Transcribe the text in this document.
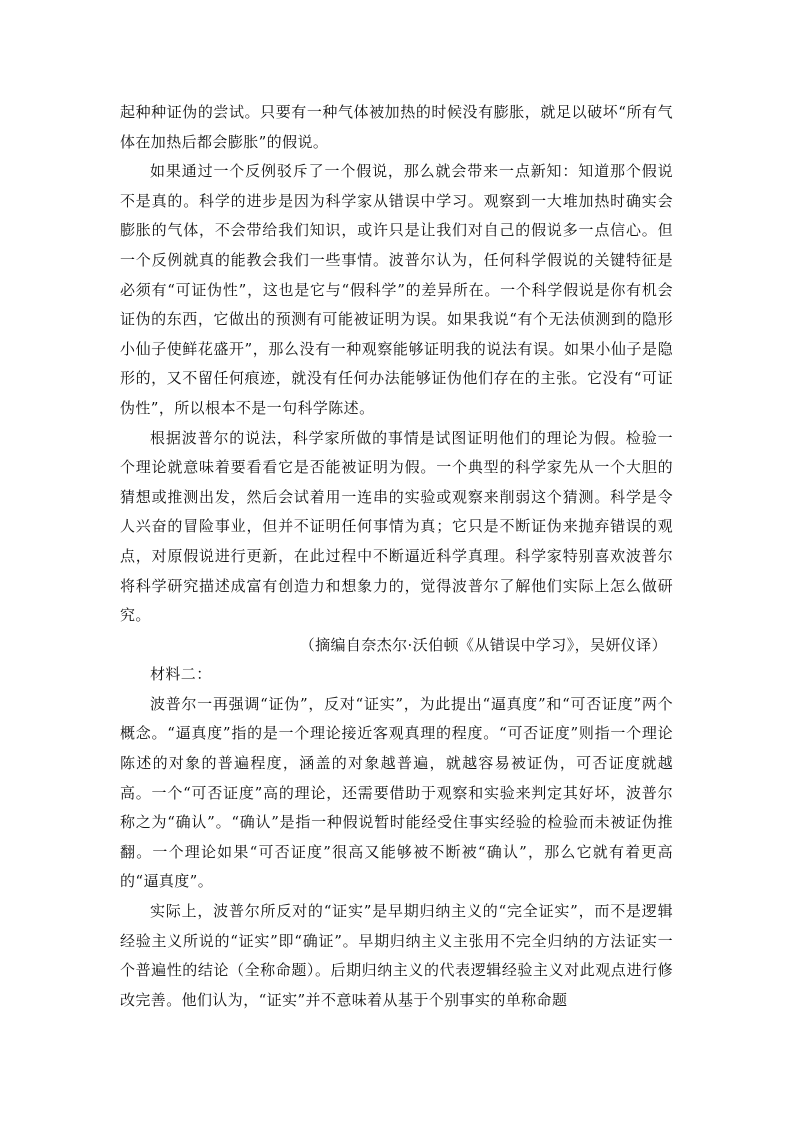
起种种证伪的尝试。只要有一种气体被加热的时候没有膨胀，就足以破坏“所有气体在加热后都会膨胀”的假说。

如果通过一个反例驳斥了一个假说，那么就会带来一点新知：知道那个假说不是真的。科学的进步是因为科学家从错误中学习。观察到一大堆加热时确实会膨胀的气体，不会带给我们知识，或许只是让我们对自己的假说多一点信心。但一个反例就真的能教会我们一些事情。波普尔认为，任何科学假说的关键特征是必须有“可证伪性”，这也是它与“假科学”的差异所在。一个科学假说是你有机会证伪的东西，它做出的预测有可能被证明为误。如果我说“有个无法侦测到的隐形小仙子使鲜花盛开”，那么没有一种观察能够证明我的说法有误。如果小仙子是隐形的，又不留任何痕迹，就没有任何办法能够证伪他们存在的主张。它没有“可证伪性”，所以根本不是一句科学陈述。

根据波普尔的说法，科学家所做的事情是试图证明他们的理论为假。检验一个理论就意味着要看看它是否能被证明为假。一个典型的科学家先从一个大胆的猜想或推测出发，然后会试着用一连串的实验或观察来削弱这个猜测。科学是令人兴奋的冒险事业，但并不证明任何事情为真；它只是不断证伪来抛弃错误的观点，对原假说进行更新，在此过程中不断逼近科学真理。科学家特别喜欢波普尔将科学研究描述成富有创造力和想象力的，觉得波普尔了解他们实际上怎么做研究。

（摘编自奈杰尔·沃伯顿《从错误中学习》，吴妍仪译）

材料二：

波普尔一再强调“证伪”，反对“证实”，为此提出“逼真度”和“可否证度”两个概念。“逼真度”指的是一个理论接近客观真理的程度。“可否证度”则指一个理论陈述的对象的普遍程度，涵盖的对象越普遍，就越容易被证伪，可否证度就越高。一个“可否证度”高的理论，还需要借助于观察和实验来判定其好坏，波普尔称之为“确认”。“确认”是指一种假说暂时能经受住事实经验的检验而未被证伪推翻。一个理论如果“可否证度”很高又能够被不断被“确认”，那么它就有着更高的“逼真度”。

实际上，波普尔所反对的“证实”是早期归纳主义的“完全证实”，而不是逻辑经验主义所说的“证实”即“确证”。早期归纳主义主张用不完全归纳的方法证实一个普遍性的结论（全称命题）。后期归纳主义的代表逻辑经验主义对此观点进行修改完善。他们认为，“证实”并不意味着从基于个别事实的单称命题
